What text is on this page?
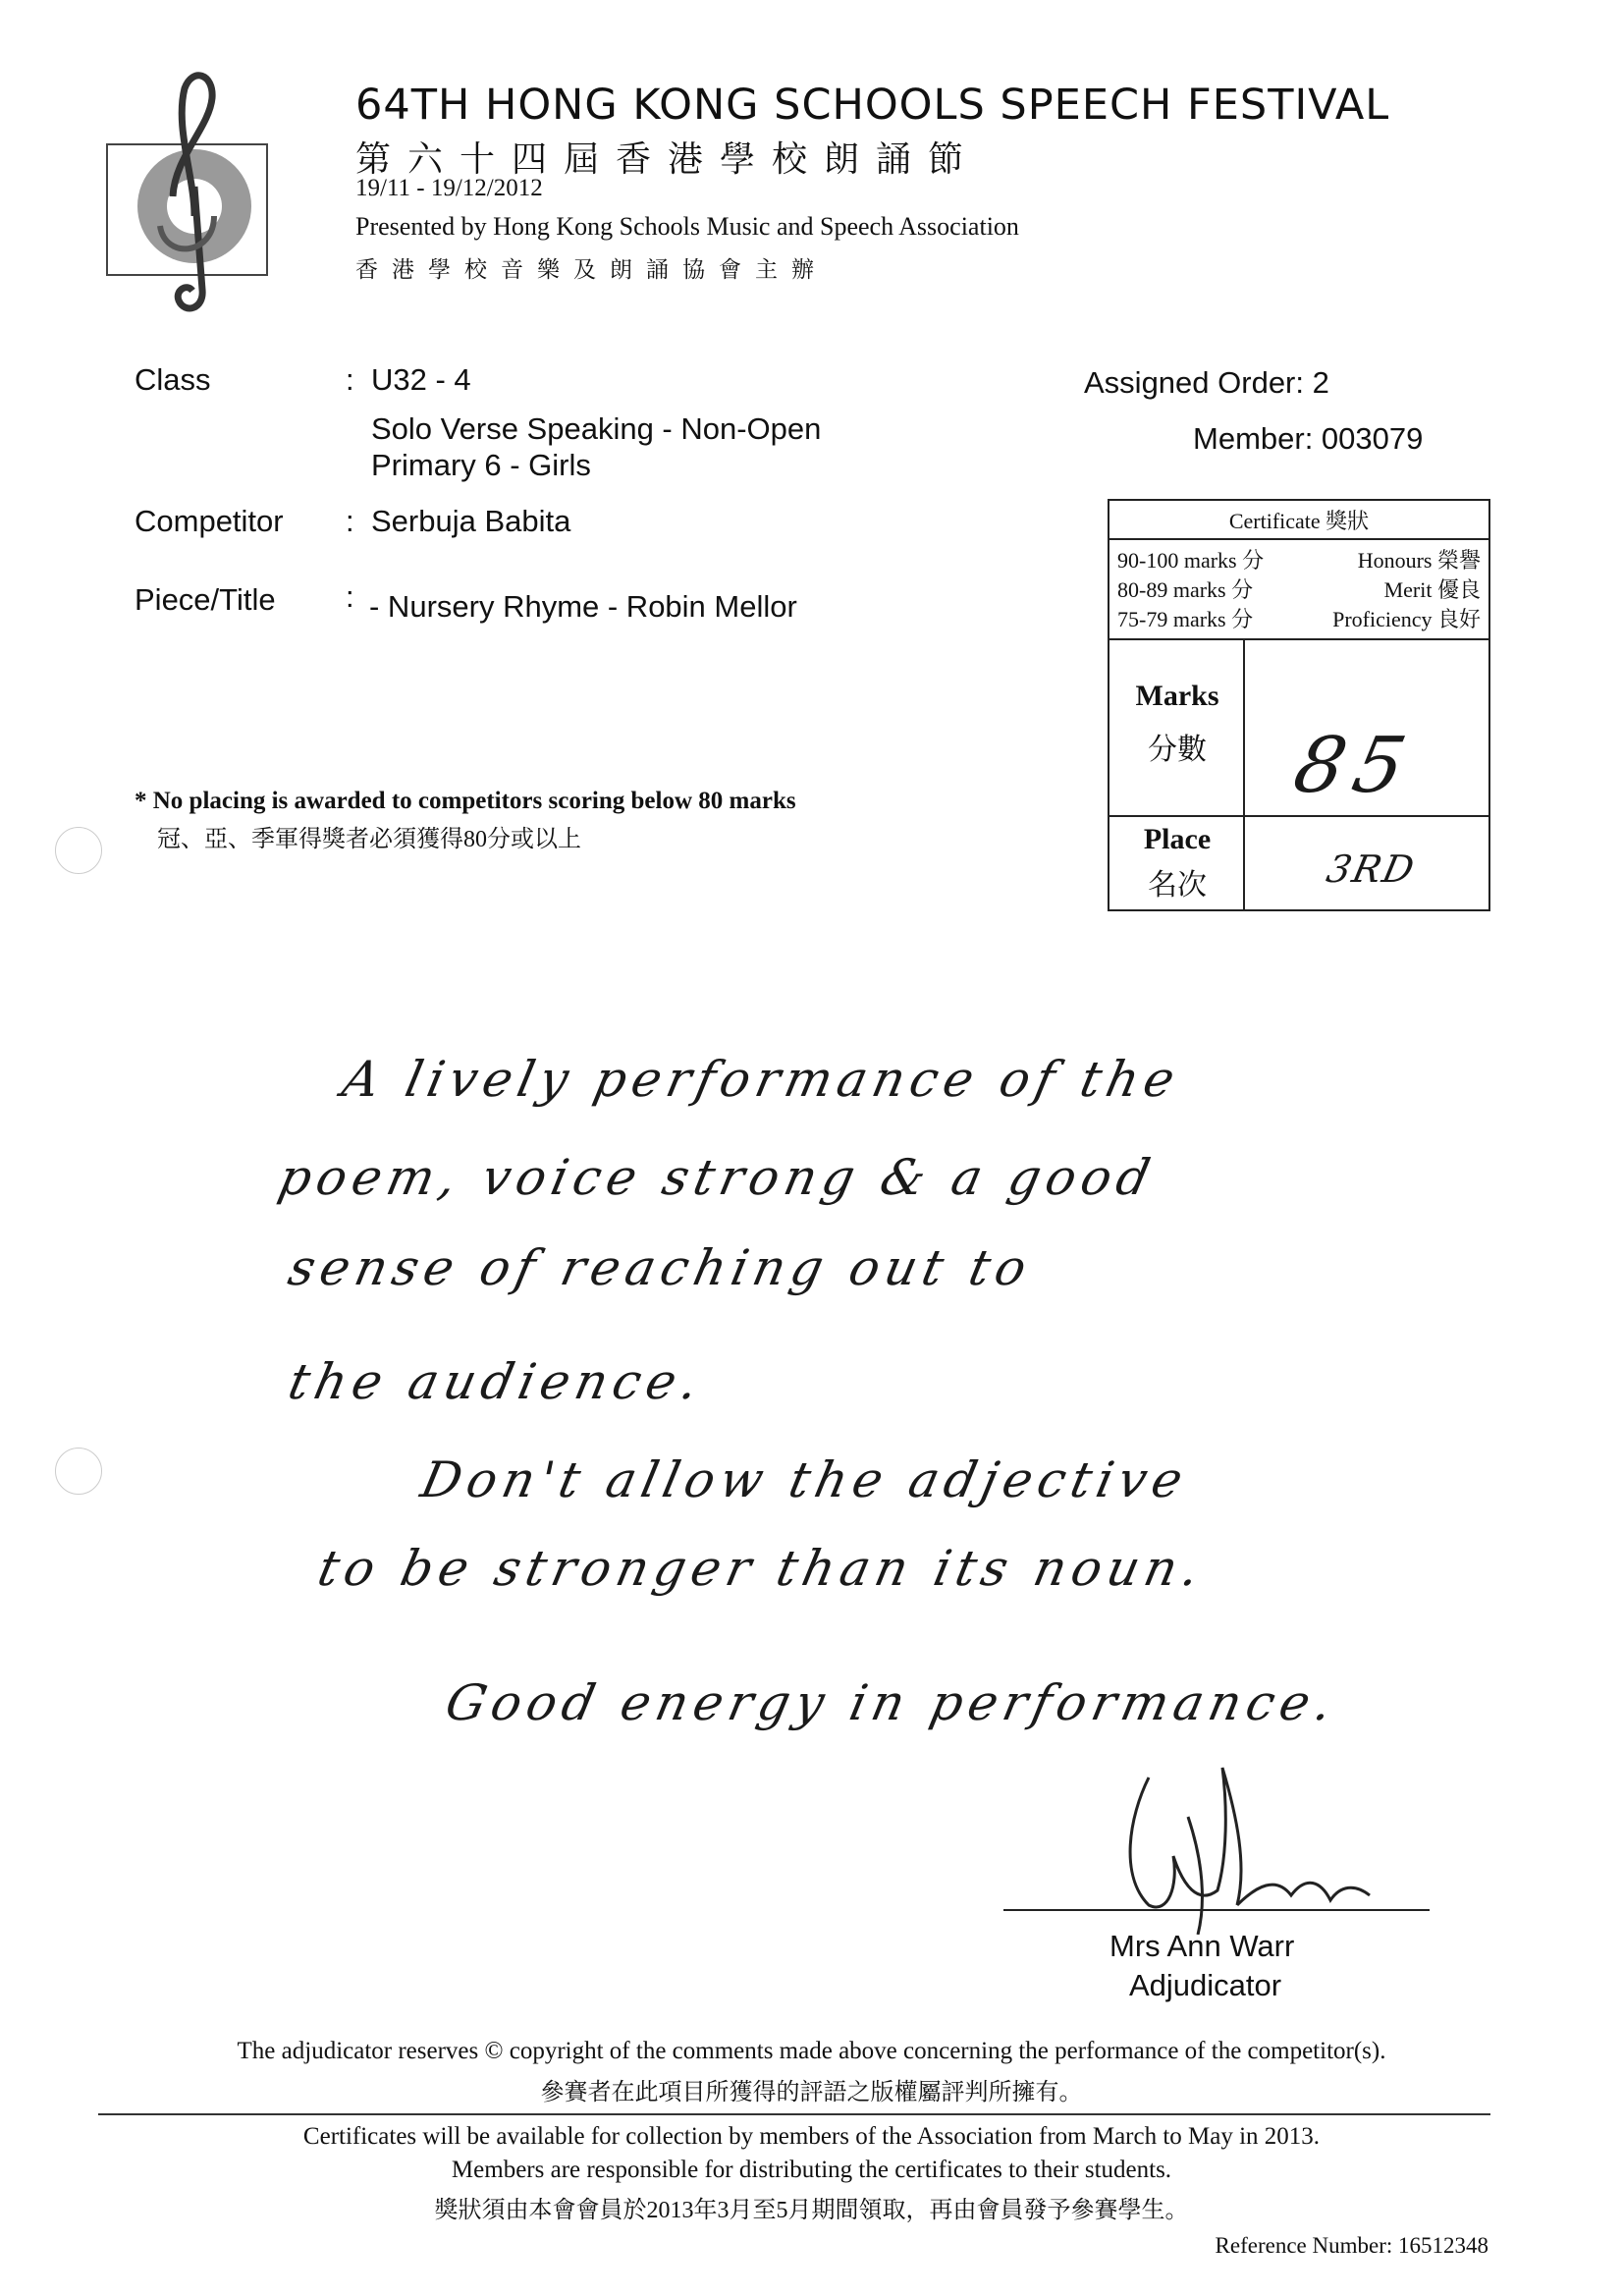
64TH HONG KONG SCHOOLS SPEECH FESTIVAL
第六十四屆香港學校朗誦節
19/11 - 19/12/2012
Presented by Hong Kong Schools Music and Speech Association
香港學校音樂及朗誦協會主辦
Class	: U32 - 4
Solo Verse Speaking - Non-Open
Primary 6 - Girls
Competitor : Serbuja Babita
Piece/Title : - Nursery Rhyme - Robin Mellor
Assigned Order: 2
Member: 003079
Certificate 獎狀
90-100 marks 分	Honours 榮譽
80-89 marks 分	Merit 優良
75-79 marks 分	Proficiency 良好
Marks
分數	85
Place
名次	3RD
* No placing is awarded to competitors scoring below 80 marks
冠、亞、季軍得獎者必須獲得80分或以上
A lively performance of the
poem, voice strong & a good
sense of reaching out to
the audience.
Don't allow the adjective
to be stronger than its noun.
Good energy in performance.
Mrs Ann Warr
Adjudicator
The adjudicator reserves © copyright of the comments made above concerning the performance of the competitor(s).
參賽者在此項目所獲得的評語之版權屬評判所擁有。
Certificates will be available for collection by members of the Association from March to May in 2013.
Members are responsible for distributing the certificates to their students.
獎狀須由本會會員於2013年3月至5月期間領取，再由會員發予參賽學生。
Reference Number: 16512348
